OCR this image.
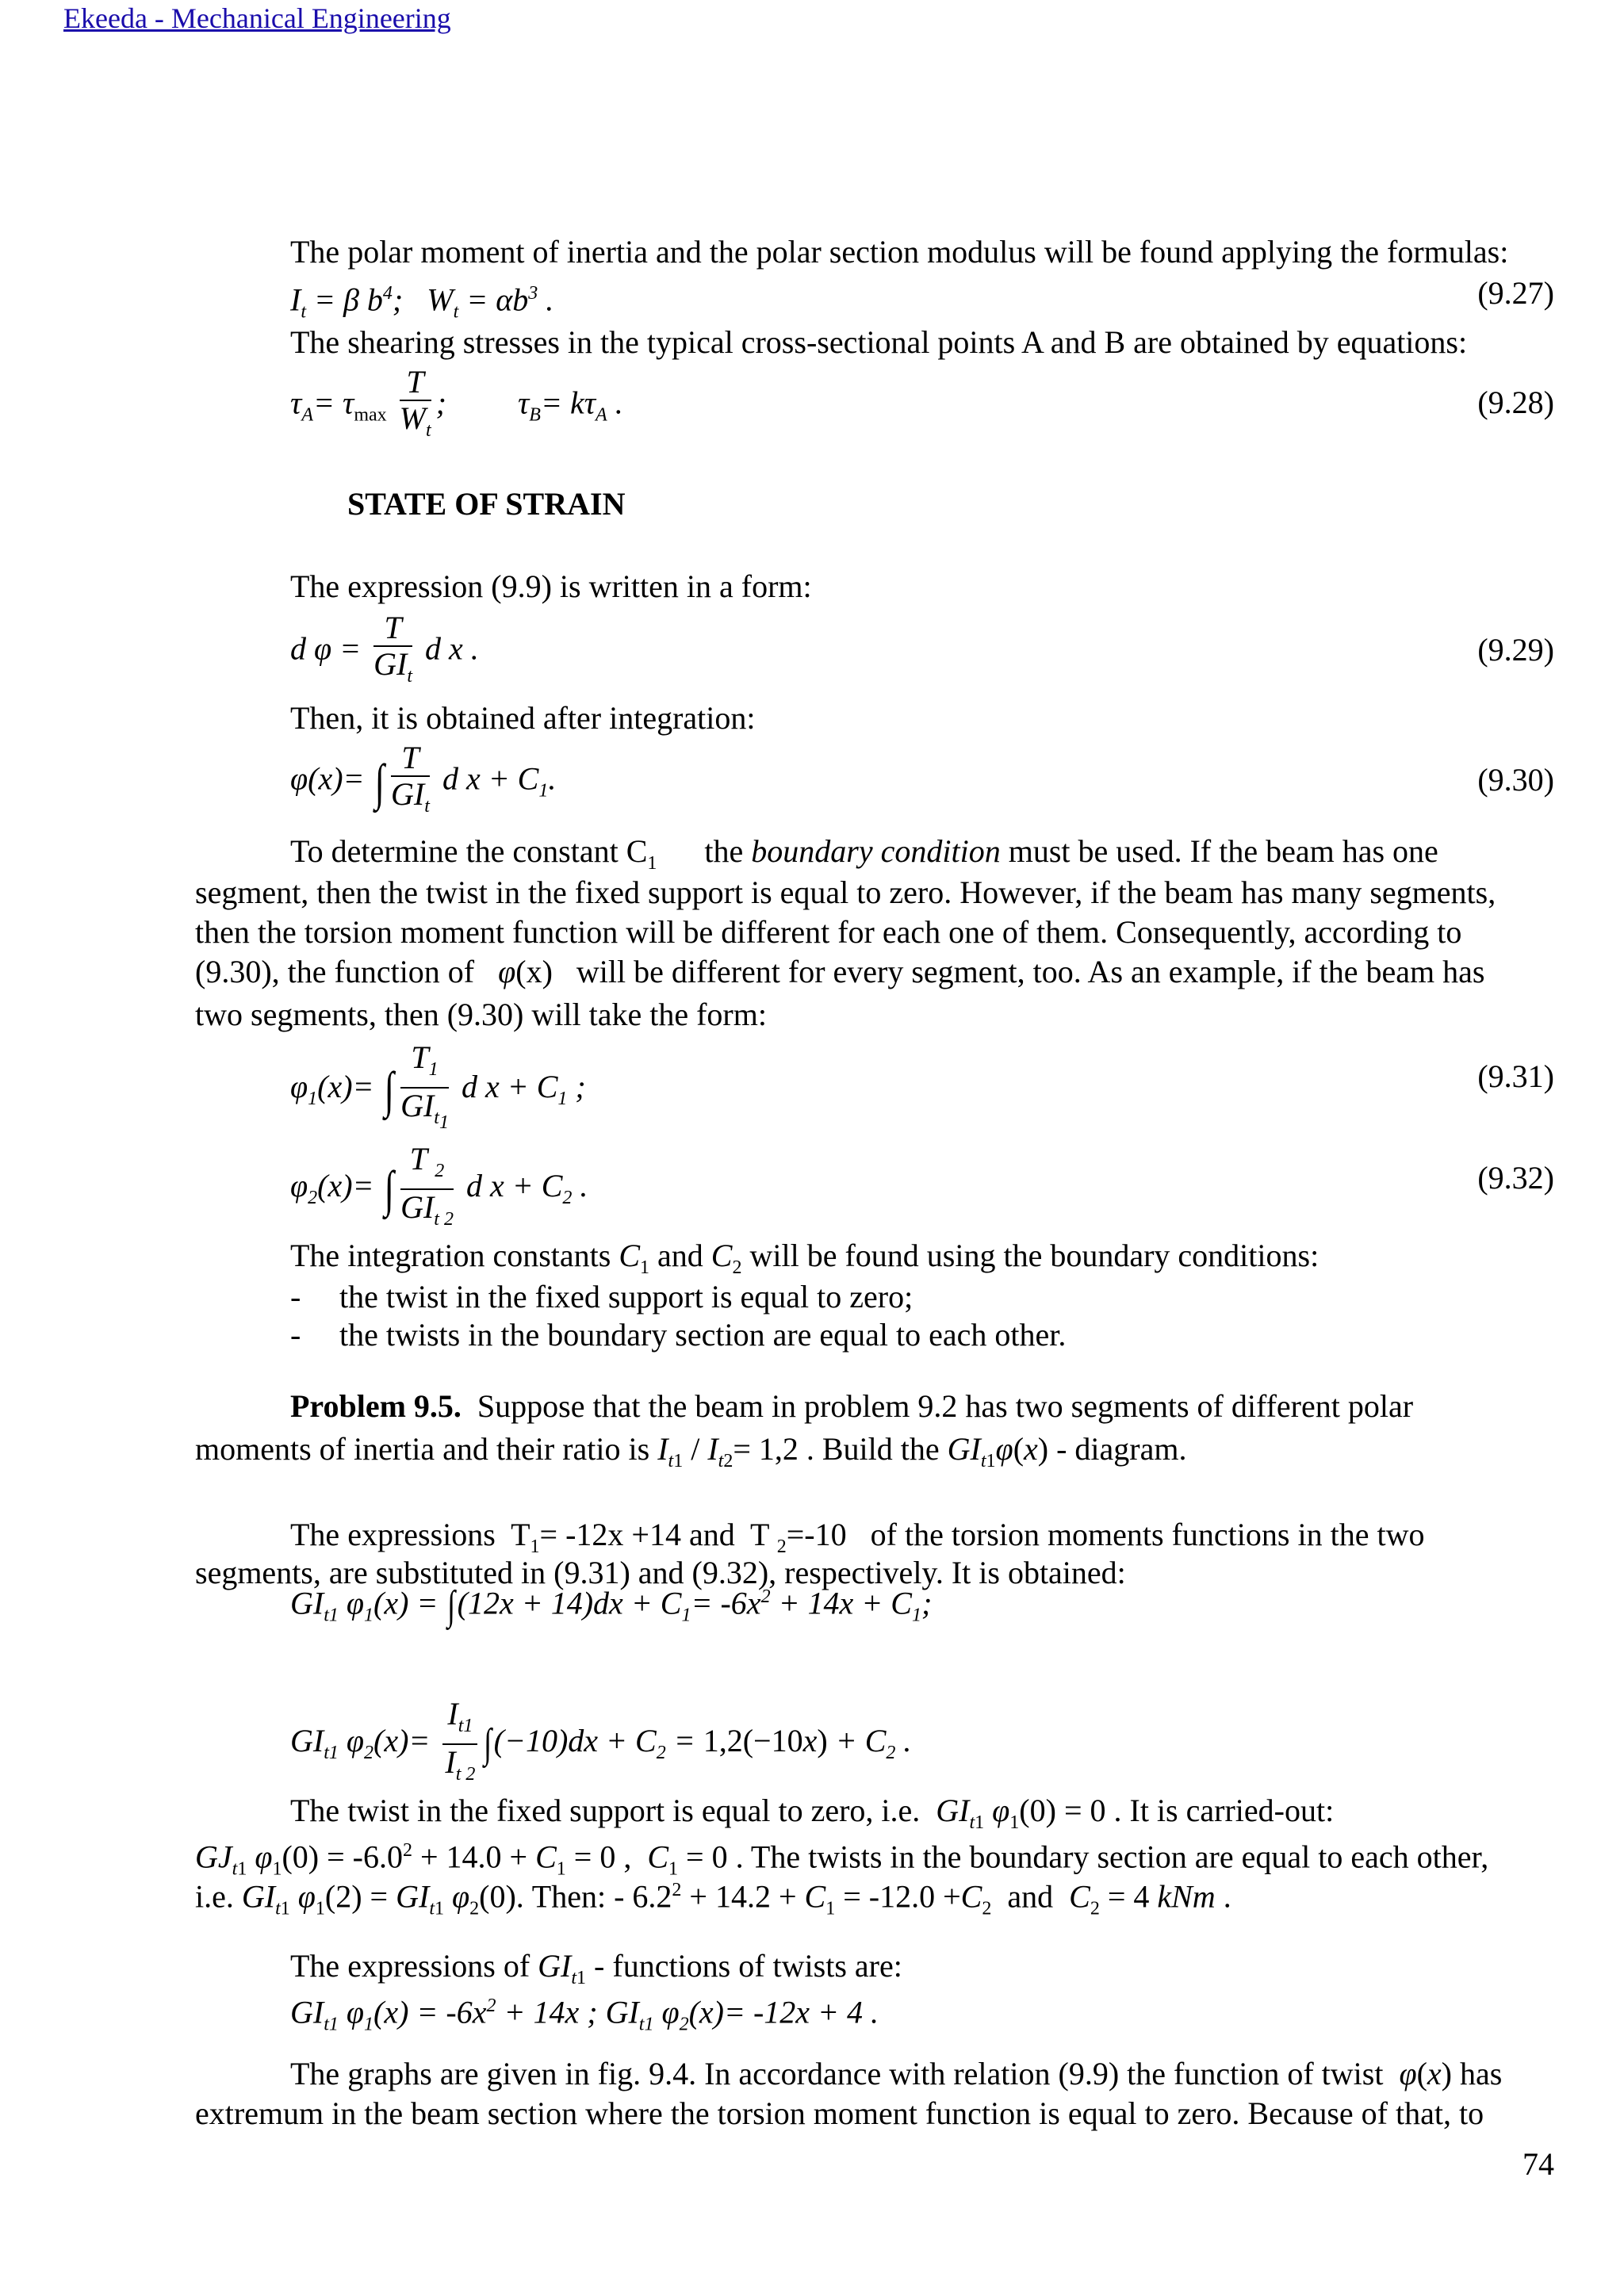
Ekeeda - Mechanical Engineering
The polar moment of inertia and the polar section modulus will be found applying the formulas:
$I_t = \beta$ $b^4$;   $W_t = \alpha b^3$ .	(9.27)
The shearing stresses in the typical cross-sectional points A and B are obtained by equations:
$\tau_A= \tau_{max} \frac{T}{W_t}$ ;         $\tau_B= k\tau_A$ .	(9.28)
STATE OF STRAIN
The expression (9.9) is written in a form:
d $\varphi = \frac{T}{GI_t}$ d x .	(9.29)
Then, it is obtained after integration:
φ(x)= ∫ $\frac{T}{GI_t}$ d $x + C_1$.	(9.30)
To determine the constant $C_1$ the boundary condition must be used. If the beam has one
segment, then the twist in the fixed support is equal to zero. However, if the beam has many segments,
then the torsion moment function will be different for each one of them. Consequently, according to
(9.30), the function of φ(x)   will be different for every segment, too. As an example, if the beam has
two segments, then (9.30) will take the form:
$\varphi_1(x)=$ ∫ $\frac{T_1}{GI_{t_1}}$ d $x + C_1$ ;	(9.31)
$\varphi_2(x)=$ ∫ $\frac{T _2}{GI_{t 2}}$ d $x + C_2$ .	(9.32)
The integration constants $C_1$ and $C_2$ will be found using the boundary conditions:
- the twist in the fixed support is equal to zero;
- the twists in the boundary section are equal to each other.
Problem 9.5. Suppose that the beam in problem 9.2 has two segments of different polar
moments of inertia and their ratio is $I_{t1} / I_{t2}= 1,2$ . Build the $GI_{t1}\varphi(x)$ - diagram.
The expressions  $T_1= -12x +14$ and  T $_2$=-10 of the torsion moments functions in the two
segments, are substituted in (9.31) and (9.32), respectively. It is obtained:
$GI_{t1}$ $\varphi_1(x) = \int(12x + 14)dx + C_1= -6x^2 + 14x + C_1$;
$GI_{t1}$ $\varphi_2(x)= \frac{I_{t1}}{I_{t 2}} \int(-10)dx + C_2 = 1,2(-10x) + C_2$ .
The twist in the fixed support is equal to zero, i.e. $GI_{t1}$ $\varphi_1(0) = 0$ . It is carried-out:
$GJ_{t1}$ $\varphi_1(0) = -6.0^2 + 14.0 + C_1 = 0$ ,  $C_1 = 0$ . The twists in the boundary section are equal to each other,
i.e. $GI_{t1}$ $\varphi_1(2) = GI_{t1}$ $\varphi_2(0)$. Then: - $6.2^2 + 14.2 + C_1 = -12.0 +C_2$ and $C_2 = 4$ kNm .
The expressions of $GI_{t1}$ - functions of twists are:
$GI_{t1}$ $\varphi_1(x) = -6x^2 + 14x$ ; $GI_{t1}$ $\varphi_2(x)= -12x + 4$ .
The graphs are given in fig. 9.4. In accordance with relation (9.9) the function of twist φ(x) has
extremum in the beam section where the torsion moment function is equal to zero. Because of that, to
74
